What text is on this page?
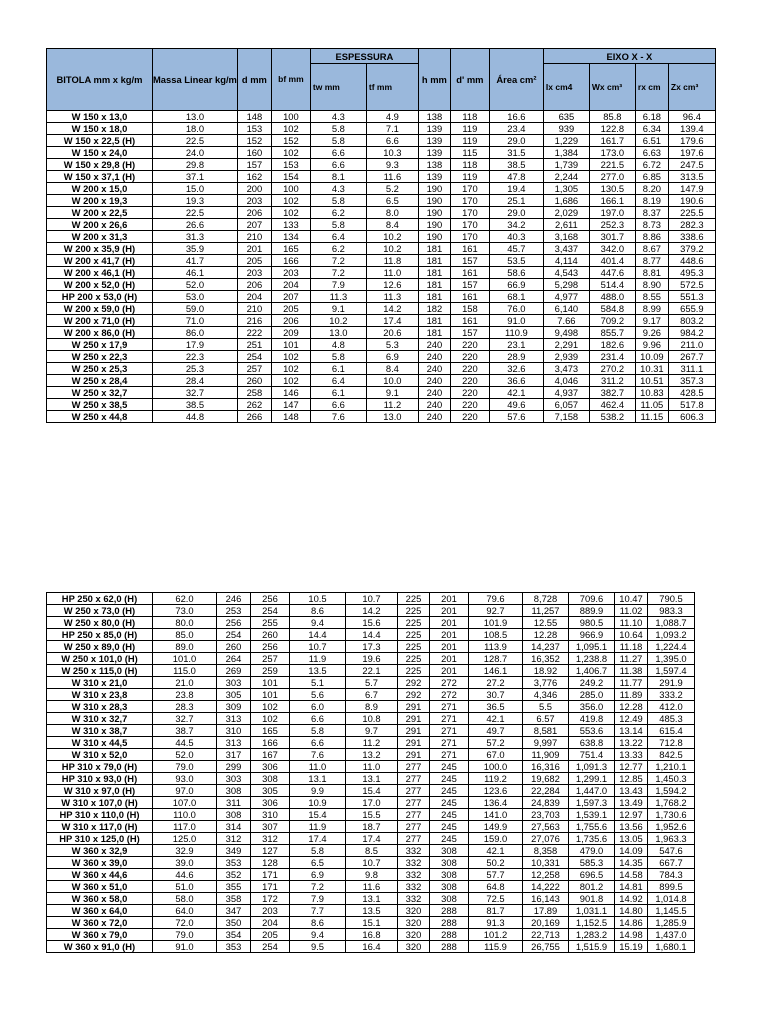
BITOLA mm x kg/m	Massa Linear kg/m	d mm	bf mm	ESPESSURA		h mm	d' mm	Área cm²	EIXO X - X			
				tw mm	tf mm				Ix cm4	Wx cm³	rx cm	Zx cm³
W 150 x 13,0	13.0	148	100	4.3	4.9	138	118	16.6	635	85.8	6.18	96.4
W 150 x 18,0	18.0	153	102	5.8	7.1	139	119	23.4	939	122.8	6.34	139.4
W 150 x 22,5 (H)	22.5	152	152	5.8	6.6	139	119	29.0	1,229	161.7	6.51	179.6
W 150 x 24,0	24.0	160	102	6.6	10.3	139	115	31.5	1,384	173.0	6.63	197.6
W 150 x 29,8 (H)	29.8	157	153	6.6	9.3	138	118	38.5	1,739	221.5	6.72	247.5
W 150 x 37,1 (H)	37.1	162	154	8.1	11.6	139	119	47.8	2,244	277.0	6.85	313.5
W 200 x 15,0	15.0	200	100	4.3	5.2	190	170	19.4	1,305	130.5	8.20	147.9
W 200 x 19,3	19.3	203	102	5.8	6.5	190	170	25.1	1,686	166.1	8.19	190.6
W 200 x 22,5	22.5	206	102	6.2	8.0	190	170	29.0	2,029	197.0	8.37	225.5
W 200 x 26,6	26.6	207	133	5.8	8.4	190	170	34.2	2,611	252.3	8.73	282.3
W 200 x 31,3	31.3	210	134	6.4	10.2	190	170	40.3	3,168	301.7	8.86	338.6
W 200 x 35,9 (H)	35.9	201	165	6.2	10.2	181	161	45.7	3,437	342.0	8.67	379.2
W 200 x 41,7 (H)	41.7	205	166	7.2	11.8	181	157	53.5	4,114	401.4	8.77	448.6
W 200 x 46,1 (H)	46.1	203	203	7.2	11.0	181	161	58.6	4,543	447.6	8.81	495.3
W 200 x 52,0 (H)	52.0	206	204	7.9	12.6	181	157	66.9	5,298	514.4	8.90	572.5
HP 200 x 53,0 (H)	53.0	204	207	11.3	11.3	181	161	68.1	4,977	488.0	8.55	551.3
W 200 x 59,0 (H)	59.0	210	205	9.1	14.2	182	158	76.0	6,140	584.8	8.99	655.9
W 200 x 71,0 (H)	71.0	216	206	10.2	17.4	181	161	91.0	7.66	709.2	9.17	803.2
W 200 x 86,0 (H)	86.0	222	209	13.0	20.6	181	157	110.9	9,498	855.7	9.26	984.2
W 250 x 17,9	17.9	251	101	4.8	5.3	240	220	23.1	2,291	182.6	9.96	211.0
W 250 x 22,3	22.3	254	102	5.8	6.9	240	220	28.9	2,939	231.4	10.09	267.7
W 250 x 25,3	25.3	257	102	6.1	8.4	240	220	32.6	3,473	270.2	10.31	311.1
W 250 x 28,4	28.4	260	102	6.4	10.0	240	220	36.6	4,046	311.2	10.51	357.3
W 250 x 32,7	32.7	258	146	6.1	9.1	240	220	42.1	4,937	382.7	10.83	428.5
W 250 x 38,5	38.5	262	147	6.6	11.2	240	220	49.6	6,057	462.4	11.05	517.8
W 250 x 44,8	44.8	266	148	7.6	13.0	240	220	57.6	7,158	538.2	11.15	606.3
HP 250 x 62,0 (H)	62.0	246	256	10.5	10.7	225	201	79.6	8,728	709.6	10.47	790.5
W 250 x 73,0 (H)	73.0	253	254	8.6	14.2	225	201	92.7	11,257	889.9	11.02	983.3
W 250 x 80,0 (H)	80.0	256	255	9.4	15.6	225	201	101.9	12.55	980.5	11.10	1,088.7
HP 250 x 85,0 (H)	85.0	254	260	14.4	14.4	225	201	108.5	12.28	966.9	10.64	1,093.2
W 250 x 89,0 (H)	89.0	260	256	10.7	17.3	225	201	113.9	14,237	1,095.1	11.18	1,224.4
W 250 x 101,0 (H)	101.0	264	257	11.9	19.6	225	201	128.7	16,352	1,238.8	11.27	1,395.0
W 250 x 115,0 (H)	115.0	269	259	13.5	22.1	225	201	146.1	18.92	1,406.7	11.38	1,597.4
W 310 x 21,0	21.0	303	101	5.1	5.7	292	272	27.2	3,776	249.2	11.77	291.9
W 310 x 23,8	23.8	305	101	5.6	6.7	292	272	30.7	4,346	285.0	11.89	333.2
W 310 x 28,3	28.3	309	102	6.0	8.9	291	271	36.5	5.5	356.0	12.28	412.0
W 310 x 32,7	32.7	313	102	6.6	10.8	291	271	42.1	6.57	419.8	12.49	485.3
W 310 x 38,7	38.7	310	165	5.8	9.7	291	271	49.7	8,581	553.6	13.14	615.4
W 310 x 44,5	44.5	313	166	6.6	11.2	291	271	57.2	9,997	638.8	13.22	712.8
W 310 x 52,0	52.0	317	167	7.6	13.2	291	271	67.0	11,909	751.4	13.33	842.5
HP 310 x 79,0 (H)	79.0	299	306	11.0	11.0	277	245	100.0	16,316	1,091.3	12.77	1,210.1
HP 310 x 93,0 (H)	93.0	303	308	13.1	13.1	277	245	119.2	19,682	1,299.1	12.85	1,450.3
W 310 x 97,0 (H)	97.0	308	305	9.9	15.4	277	245	123.6	22,284	1,447.0	13.43	1,594.2
W 310 x 107,0 (H)	107.0	311	306	10.9	17.0	277	245	136.4	24,839	1,597.3	13.49	1,768.2
HP 310 x 110,0 (H)	110.0	308	310	15.4	15.5	277	245	141.0	23,703	1,539.1	12.97	1,730.6
W 310 x 117,0 (H)	117.0	314	307	11.9	18.7	277	245	149.9	27,563	1,755.6	13.56	1,952.6
HP 310 x 125,0 (H)	125.0	312	312	17.4	17.4	277	245	159.0	27,076	1,735.6	13.05	1,963.3
W 360 x 32,9	32.9	349	127	5.8	8.5	332	308	42.1	8,358	479.0	14.09	547.6
W 360 x 39,0	39.0	353	128	6.5	10.7	332	308	50.2	10,331	585.3	14.35	667.7
W 360 x 44,6	44.6	352	171	6.9	9.8	332	308	57.7	12,258	696.5	14.58	784.3
W 360 x 51,0	51.0	355	171	7.2	11.6	332	308	64.8	14,222	801.2	14.81	899.5
W 360 x 58,0	58.0	358	172	7.9	13.1	332	308	72.5	16,143	901.8	14.92	1,014.8
W 360 x 64,0	64.0	347	203	7.7	13.5	320	288	81.7	17.89	1,031.1	14.80	1,145.5
W 360 x 72,0	72.0	350	204	8.6	15.1	320	288	91.3	20,169	1,152.5	14.86	1,285.9
W 360 x 79,0	79.0	354	205	9.4	16.8	320	288	101.2	22,713	1,283.2	14.98	1,437.0
W 360 x 91,0 (H)	91.0	353	254	9.5	16.4	320	288	115.9	26,755	1,515.9	15.19	1,680.1
